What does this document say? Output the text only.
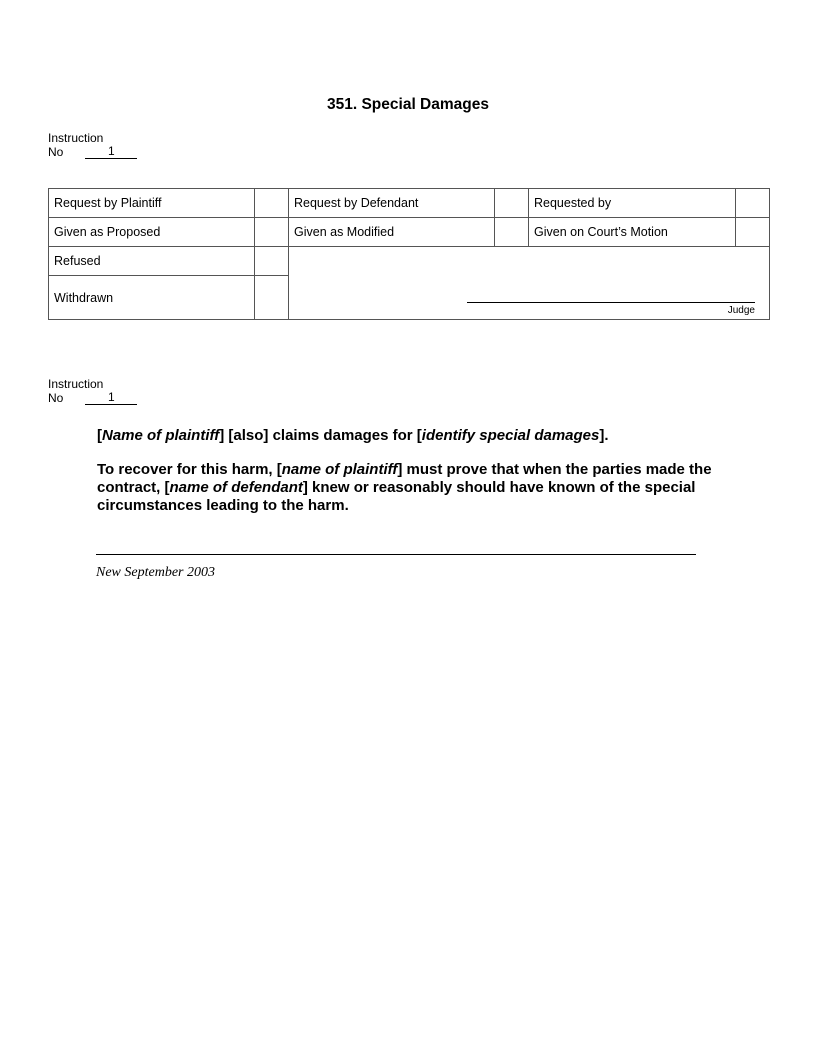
351. Special Damages
Instruction
No	1
Request by Plaintiff		Request by Defendant		Requested by	
Given as Proposed		Given as Modified		Given on Court’s Motion	
Refused		Judge			

Withdrawn					
Instruction
No	1

[Name of plaintiff] [also] claims damages for [identify special damages].

To recover for this harm, [name of plaintiff] must prove that when the parties made the contract, [name of defendant] knew or reasonably should have known of the special circumstances leading to the harm.

New September 2003
